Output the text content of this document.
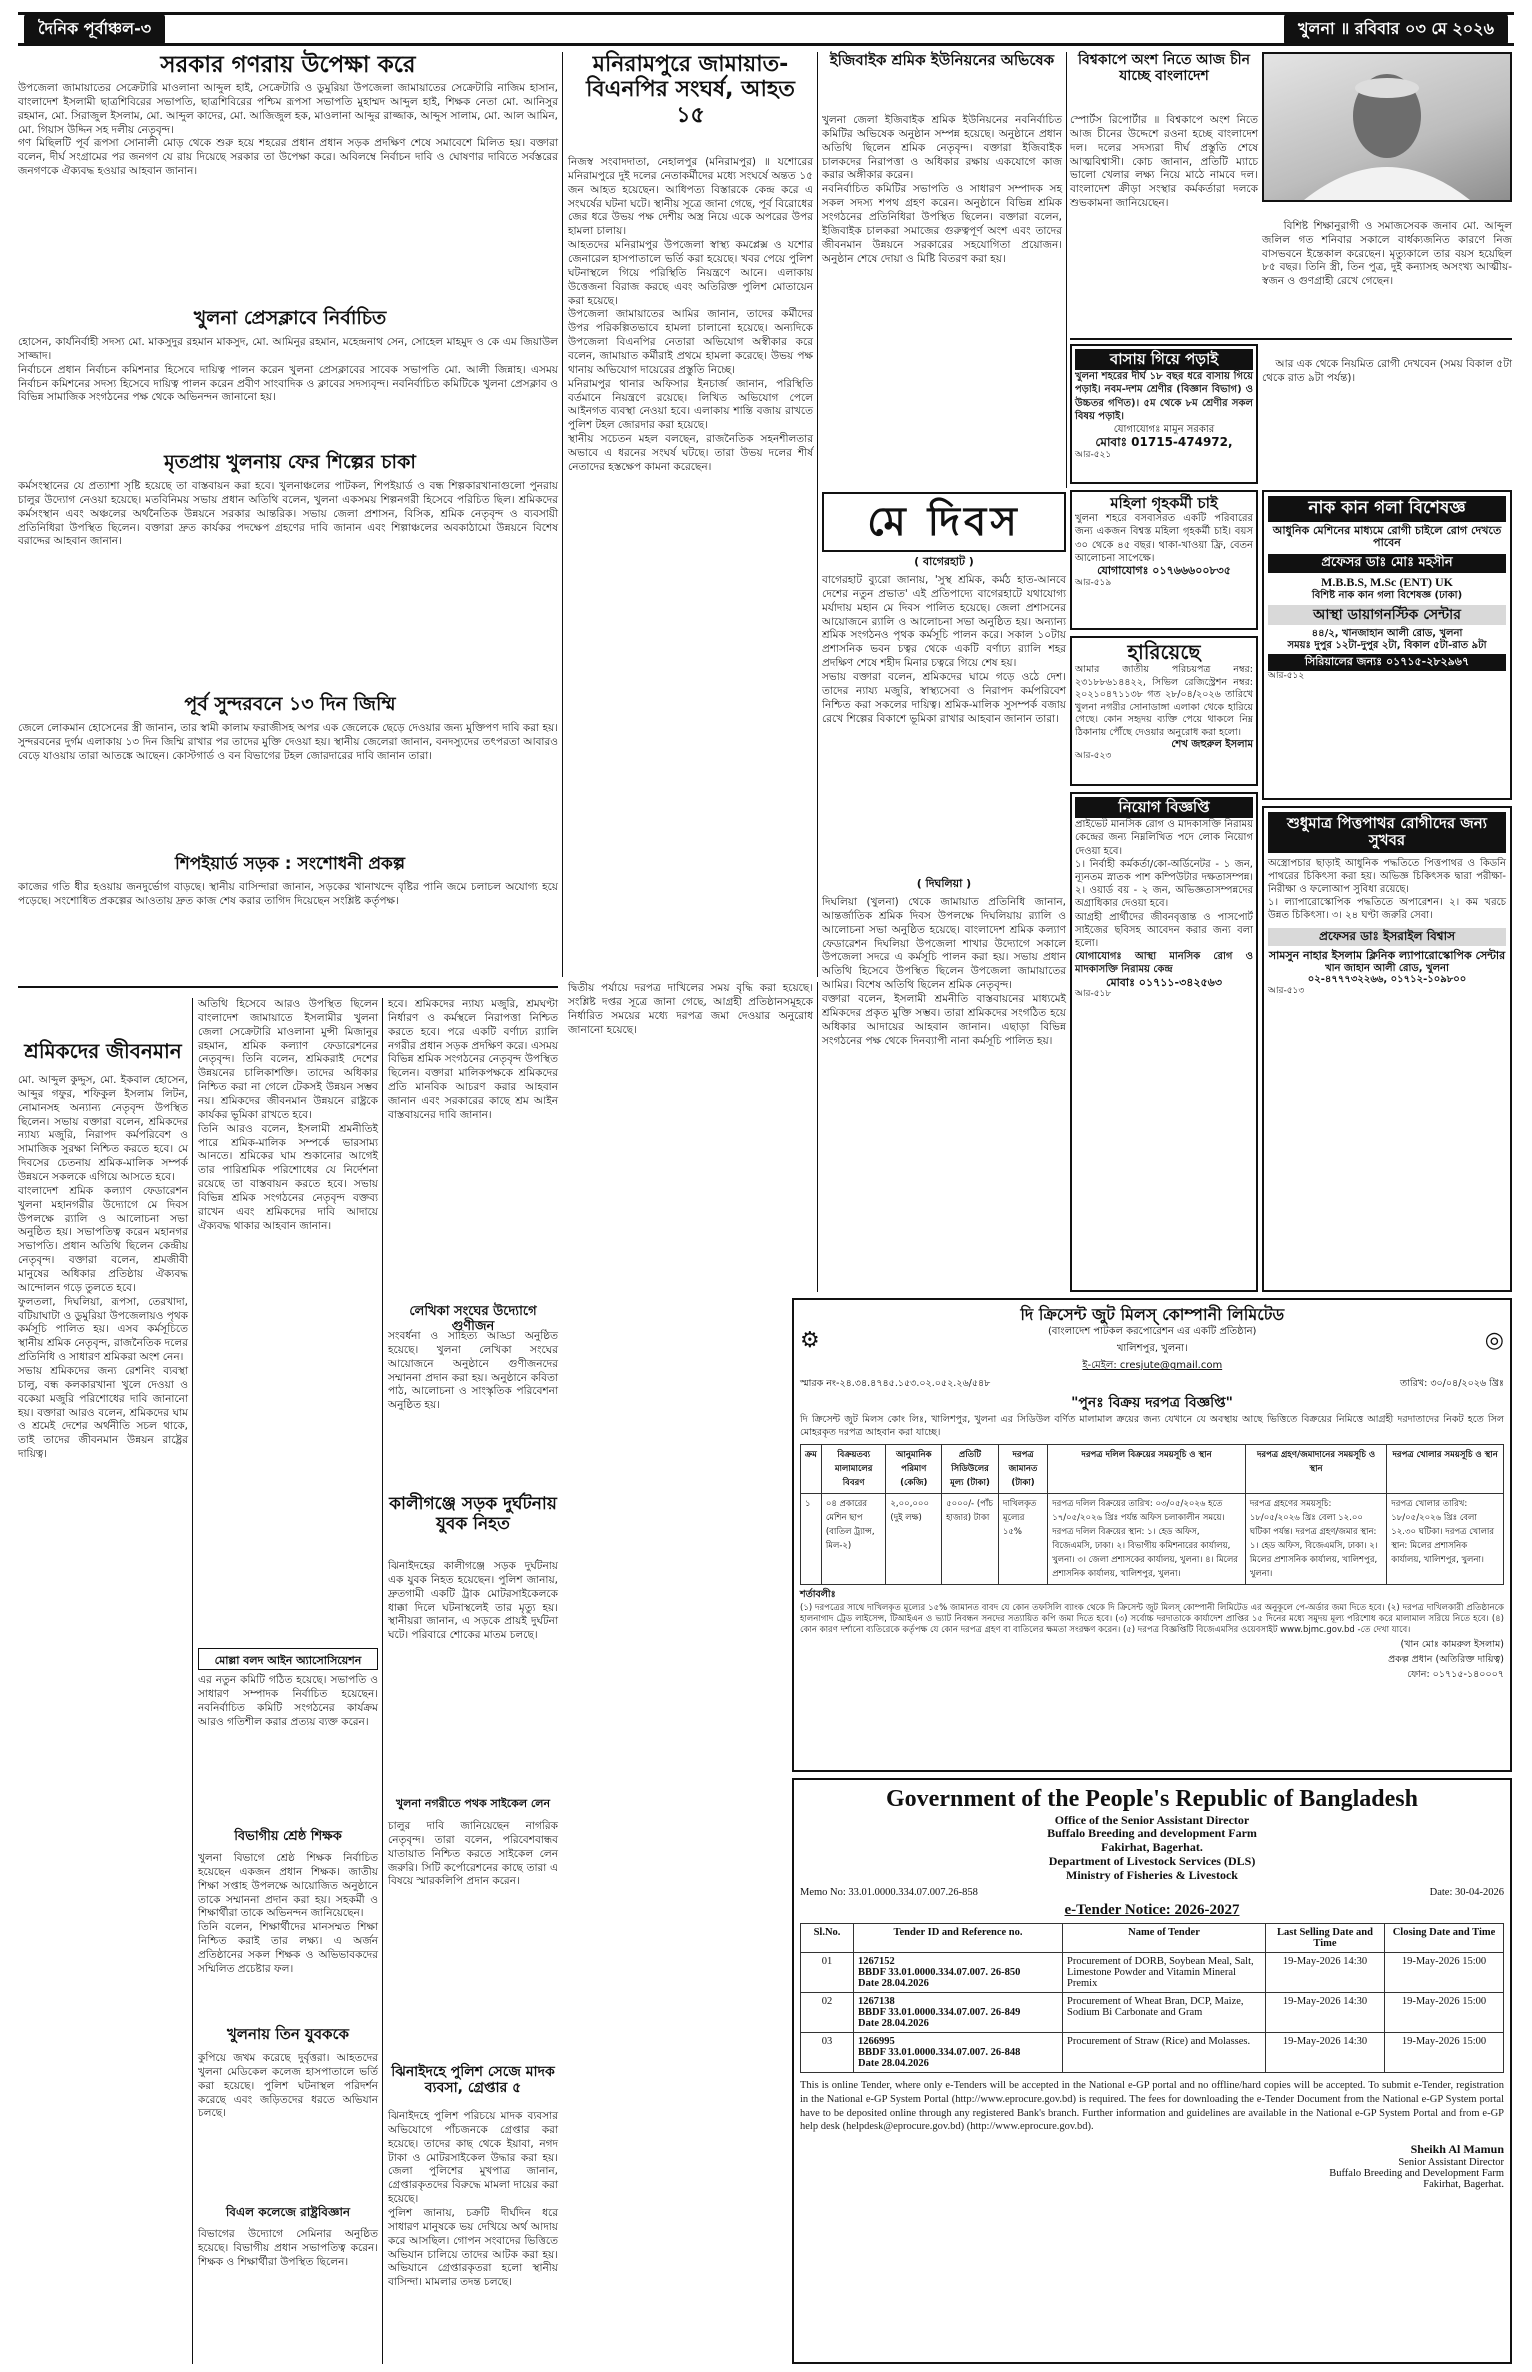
দৈনিক পূর্বাঞ্চল-৩	খুলনা ॥ রবিবার ০৩ মে ২০২৬
সরকার গণরায় উপেক্ষা করে
উপজেলা জামায়াতের সেক্রেটারি মাওলানা আব্দুল হাই, সেক্রেটারি ও ডুমুরিয়া উপজেলা জামায়াতের সেক্রেটারি নাজিম হাসান, বাংলাদেশ ইসলামী ছাত্রশিবিরের সভাপতি, ছাত্রশিবিরের পশ্চিম রূপসা সভাপতি মুহাম্মদ আব্দুল হাই, শিক্ষক নেতা মো. আনিসুর রহমান, মো. সিরাজুল ইসলাম, মো. আব্দুল কাদের, মো. আজিজুল হক, মাওলানা আব্দুর রাজ্জাক, আব্দুস সালাম, মো. আল আমিন, মো. গিয়াস উদ্দিন সহ দলীয় নেতৃবৃন্দ।
গণ মিছিলটি পূর্ব রূপসা সোনালী মোড় থেকে শুরু হয়ে শহরের প্রধান প্রধান সড়ক প্রদক্ষিণ শেষে সমাবেশে মিলিত হয়। বক্তারা বলেন, দীর্ঘ সংগ্রামের পর জনগণ যে রায় দিয়েছে সরকার তা উপেক্ষা করে। অবিলম্বে নির্বাচন দাবি ও ঘোষণার দাবিতে সর্বস্তরের জনগণকে ঐক্যবদ্ধ হওয়ার আহবান জানান।
খুলনা প্রেসক্লাবে নির্বাচিত
হোসেন, কার্যনির্বাহী সদস্য মো. মাকসুদুর রহমান মাকসুদ, মো. আমিনুর রহমান, মহেন্দ্রনাথ সেন, সোহেল মাহমুদ ও কে এম জিয়াউল সাজ্জাদ।
নির্বাচনে প্রধান নির্বাচন কমিশনার হিসেবে দায়িত্ব পালন করেন খুলনা প্রেসক্লাবের সাবেক সভাপতি মো. আলী জিন্নাহ। এসময় নির্বাচন কমিশনের সদস্য হিসেবে দায়িত্ব পালন করেন প্রবীণ সাংবাদিক ও ক্লাবের সদস্যবৃন্দ। নবনির্বাচিত কমিটিকে খুলনা প্রেসক্লাব ও বিভিন্ন সামাজিক সংগঠনের পক্ষ থেকে অভিনন্দন জানানো হয়।
মৃতপ্রায় খুলনায় ফের শিল্পের চাকা
কর্মসংস্থানের যে প্রত্যাশা সৃষ্টি হয়েছে তা বাস্তবায়ন করা হবে। খুলনাঞ্চলের পাটকল, শিপইয়ার্ড ও বন্ধ শিল্পকারখানাগুলো পুনরায় চালুর উদ্যোগ নেওয়া হয়েছে। মতবিনিময় সভায় প্রধান অতিথি বলেন, খুলনা একসময় শিল্পনগরী হিসেবে পরিচিত ছিল। শ্রমিকদের কর্মসংস্থান এবং অঞ্চলের অর্থনৈতিক উন্নয়নে সরকার আন্তরিক। সভায় জেলা প্রশাসন, বিসিক, শ্রমিক নেতৃবৃন্দ ও ব্যবসায়ী প্রতিনিধিরা উপস্থিত ছিলেন। বক্তারা দ্রুত কার্যকর পদক্ষেপ গ্রহণের দাবি জানান এবং শিল্পাঞ্চলের অবকাঠামো উন্নয়নে বিশেষ বরাদ্দের আহবান জানান।
পূর্ব সুন্দরবনে ১৩ দিন জিম্মি
জেলে লোকমান হোসেনের স্ত্রী জানান, তার স্বামী কালাম ফরাজীসহ অপর এক জেলেকে ছেড়ে দেওয়ার জন্য মুক্তিপণ দাবি করা হয়। সুন্দরবনের দুর্গম এলাকায় ১৩ দিন জিম্মি রাখার পর তাদের মুক্তি দেওয়া হয়। স্থানীয় জেলেরা জানান, বনদস্যুদের তৎপরতা আবারও বেড়ে যাওয়ায় তারা আতঙ্কে আছেন। কোস্টগার্ড ও বন বিভাগের টহল জোরদারের দাবি জানান তারা।
শিপইয়ার্ড সড়ক : সংশোধনী প্রকল্প
কাজের গতি ধীর হওয়ায় জনদুর্ভোগ বাড়ছে। স্থানীয় বাসিন্দারা জানান, সড়কের খানাখন্দে বৃষ্টির পানি জমে চলাচল অযোগ্য হয়ে পড়েছে। সংশোধিত প্রকল্পের আওতায় দ্রুত কাজ শেষ করার তাগিদ দিয়েছেন সংশ্লিষ্ট কর্তৃপক্ষ।
শ্রমিকদের জীবনমান
মো. আব্দুল কুদ্দুস, মো. ইকবাল হোসেন, আব্দুর গফুর, শফিকুল ইসলাম লিটন, নোমানসহ অন্যান্য নেতৃবৃন্দ উপস্থিত ছিলেন। সভায় বক্তারা বলেন, শ্রমিকদের ন্যায্য মজুরি, নিরাপদ কর্মপরিবেশ ও সামাজিক সুরক্ষা নিশ্চিত করতে হবে। মে দিবসের চেতনায় শ্রমিক-মালিক সম্পর্ক উন্নয়নে সকলকে এগিয়ে আসতে হবে।
বাংলাদেশ শ্রমিক কল্যাণ ফেডারেশন খুলনা মহানগরীর উদ্যোগে মে দিবস উপলক্ষে র‍্যালি ও আলোচনা সভা অনুষ্ঠিত হয়। সভাপতিত্ব করেন মহানগর সভাপতি। প্রধান অতিথি ছিলেন কেন্দ্রীয় নেতৃবৃন্দ। বক্তারা বলেন, শ্রমজীবী মানুষের অধিকার প্রতিষ্ঠায় ঐক্যবদ্ধ আন্দোলন গড়ে তুলতে হবে।
ফুলতলা, দিঘলিয়া, রূপসা, তেরখাদা, বটিয়াঘাটা ও ডুমুরিয়া উপজেলায়ও পৃথক কর্মসূচি পালিত হয়। এসব কর্মসূচিতে স্থানীয় শ্রমিক নেতৃবৃন্দ, রাজনৈতিক দলের প্রতিনিধি ও সাধারণ শ্রমিকরা অংশ নেন।
সভায় শ্রমিকদের জন্য রেশনিং ব্যবস্থা চালু, বন্ধ কলকারখানা খুলে দেওয়া ও বকেয়া মজুরি পরিশোধের দাবি জানানো হয়। বক্তারা আরও বলেন, শ্রমিকদের ঘাম ও শ্রমেই দেশের অর্থনীতি সচল থাকে, তাই তাদের জীবনমান উন্নয়ন রাষ্ট্রের দায়িত্ব।
অতিথি হিসেবে আরও উপস্থিত ছিলেন বাংলাদেশ জামায়াতে ইসলামীর খুলনা জেলা সেক্রেটারি মাওলানা মুন্সী মিজানুর রহমান, শ্রমিক কল্যাণ ফেডারেশনের নেতৃবৃন্দ। তিনি বলেন, শ্রমিকরাই দেশের উন্নয়নের চালিকাশক্তি। তাদের অধিকার নিশ্চিত করা না গেলে টেকসই উন্নয়ন সম্ভব নয়। শ্রমিকদের জীবনমান উন্নয়নে রাষ্ট্রকে কার্যকর ভূমিকা রাখতে হবে।
তিনি আরও বলেন, ইসলামী শ্রমনীতিই পারে শ্রমিক-মালিক সম্পর্কে ভারসাম্য আনতে। শ্রমিকের ঘাম শুকানোর আগেই তার পারিশ্রমিক পরিশোধের যে নির্দেশনা রয়েছে তা বাস্তবায়ন করতে হবে। সভায় বিভিন্ন শ্রমিক সংগঠনের নেতৃবৃন্দ বক্তব্য রাখেন এবং শ্রমিকদের দাবি আদায়ে ঐক্যবদ্ধ থাকার আহবান জানান।
হবে। শ্রমিকদের ন্যায্য মজুরি, শ্রমঘণ্টা নির্ধারণ ও কর্মস্থলে নিরাপত্তা নিশ্চিত করতে হবে। পরে একটি বর্ণাঢ্য র‍্যালি নগরীর প্রধান সড়ক প্রদক্ষিণ করে। এসময় বিভিন্ন শ্রমিক সংগঠনের নেতৃবৃন্দ উপস্থিত ছিলেন। বক্তারা মালিকপক্ষকে শ্রমিকদের প্রতি মানবিক আচরণ করার আহবান জানান এবং সরকারের কাছে শ্রম আইন বাস্তবায়নের দাবি জানান।
লেখিকা সংঘের উদ্যোগে গুণীজন
সংবর্ধনা ও সাহিত্য আড্ডা অনুষ্ঠিত হয়েছে। খুলনা লেখিকা সংঘের আয়োজনে অনুষ্ঠানে গুণীজনদের সম্মাননা প্রদান করা হয়। অনুষ্ঠানে কবিতা পাঠ, আলোচনা ও সাংস্কৃতিক পরিবেশনা অনুষ্ঠিত হয়।
কালীগঞ্জে সড়ক দুর্ঘটনায় যুবক নিহত
ঝিনাইদহের কালীগঞ্জে সড়ক দুর্ঘটনায় এক যুবক নিহত হয়েছেন। পুলিশ জানায়, দ্রুতগামী একটি ট্রাক মোটরসাইকেলকে ধাক্কা দিলে ঘটনাস্থলেই তার মৃত্যু হয়। স্থানীয়রা জানান, এ সড়কে প্রায়ই দুর্ঘটনা ঘটে। পরিবারে শোকের মাতম চলছে।
খুলনা নগরীতে পথক সাইকেল লেন
চালুর দাবি জানিয়েছেন নাগরিক নেতৃবৃন্দ। তারা বলেন, পরিবেশবান্ধব যাতায়াত নিশ্চিত করতে সাইকেল লেন জরুরি। সিটি কর্পোরেশনের কাছে তারা এ বিষয়ে স্মারকলিপি প্রদান করেন।
ঝিনাইদহে পুলিশ সেজে মাদক ব্যবসা, গ্রেপ্তার ৫
ঝিনাইদহে পুলিশ পরিচয়ে মাদক ব্যবসার অভিযোগে পাঁচজনকে গ্রেপ্তার করা হয়েছে। তাদের কাছ থেকে ইয়াবা, নগদ টাকা ও মোটরসাইকেল উদ্ধার করা হয়। জেলা পুলিশের মুখপাত্র জানান, গ্রেপ্তারকৃতদের বিরুদ্ধে মামলা দায়ের করা হয়েছে।
পুলিশ জানায়, চক্রটি দীর্ঘদিন ধরে সাধারণ মানুষকে ভয় দেখিয়ে অর্থ আদায় করে আসছিল। গোপন সংবাদের ভিত্তিতে অভিযান চালিয়ে তাদের আটক করা হয়। অভিযানে গ্রেপ্তারকৃতরা হলো স্থানীয় বাসিন্দা। মামলার তদন্ত চলছে।
মোল্লা বলদ আইন অ্যাসোসিয়েশন
এর নতুন কমিটি গঠিত হয়েছে। সভাপতি ও সাধারণ সম্পাদক নির্বাচিত হয়েছেন। নবনির্বাচিত কমিটি সংগঠনের কার্যক্রম আরও গতিশীল করার প্রত্যয় ব্যক্ত করেন।
বিভাগীয় শ্রেষ্ঠ শিক্ষক
খুলনা বিভাগে শ্রেষ্ঠ শিক্ষক নির্বাচিত হয়েছেন একজন প্রধান শিক্ষক। জাতীয় শিক্ষা সপ্তাহ উপলক্ষে আয়োজিত অনুষ্ঠানে তাকে সম্মাননা প্রদান করা হয়। সহকর্মী ও শিক্ষার্থীরা তাকে অভিনন্দন জানিয়েছেন।
তিনি বলেন, শিক্ষার্থীদের মানসম্মত শিক্ষা নিশ্চিত করাই তার লক্ষ্য। এ অর্জন প্রতিষ্ঠানের সকল শিক্ষক ও অভিভাবকদের সম্মিলিত প্রচেষ্টার ফল।
খুলনায় তিন যুবককে
কুপিয়ে জখম করেছে দুর্বৃত্তরা। আহতদের খুলনা মেডিকেল কলেজ হাসপাতালে ভর্তি করা হয়েছে। পুলিশ ঘটনাস্থল পরিদর্শন করেছে এবং জড়িতদের ধরতে অভিযান চলছে।
বিএল কলেজে রাষ্ট্রবিজ্ঞান
বিভাগের উদ্যোগে সেমিনার অনুষ্ঠিত হয়েছে। বিভাগীয় প্রধান সভাপতিত্ব করেন। শিক্ষক ও শিক্ষার্থীরা উপস্থিত ছিলেন।
মনিরামপুরে জামায়াত-বিএনপির সংঘর্ষ, আহত ১৫
নিজস্ব সংবাদদাতা, নেহালপুর (মনিরামপুর) ॥ যশোরের মনিরামপুরে দুই দলের নেতাকর্মীদের মধ্যে সংঘর্ষে অন্তত ১৫ জন আহত হয়েছেন। আধিপত্য বিস্তারকে কেন্দ্র করে এ সংঘর্ষের ঘটনা ঘটে। স্থানীয় সূত্রে জানা গেছে, পূর্ব বিরোধের জের ধরে উভয় পক্ষ দেশীয় অস্ত্র নিয়ে একে অপরের উপর হামলা চালায়।
আহতদের মনিরামপুর উপজেলা স্বাস্থ্য কমপ্লেক্স ও যশোর জেনারেল হাসপাতালে ভর্তি করা হয়েছে। খবর পেয়ে পুলিশ ঘটনাস্থলে গিয়ে পরিস্থিতি নিয়ন্ত্রণে আনে। এলাকায় উত্তেজনা বিরাজ করছে এবং অতিরিক্ত পুলিশ মোতায়েন করা হয়েছে।
উপজেলা জামায়াতের আমির জানান, তাদের কর্মীদের উপর পরিকল্পিতভাবে হামলা চালানো হয়েছে। অন্যদিকে উপজেলা বিএনপির নেতারা অভিযোগ অস্বীকার করে বলেন, জামায়াত কর্মীরাই প্রথমে হামলা করেছে। উভয় পক্ষ থানায় অভিযোগ দায়েরের প্রস্তুতি নিচ্ছে।
মনিরামপুর থানার অফিসার ইনচার্জ জানান, পরিস্থিতি বর্তমানে নিয়ন্ত্রণে রয়েছে। লিখিত অভিযোগ পেলে আইনগত ব্যবস্থা নেওয়া হবে। এলাকায় শান্তি বজায় রাখতে পুলিশ টহল জোরদার করা হয়েছে।
স্থানীয় সচেতন মহল বলছেন, রাজনৈতিক সহনশীলতার অভাবে এ ধরনের সংঘর্ষ ঘটছে। তারা উভয় দলের শীর্ষ নেতাদের হস্তক্ষেপ কামনা করেছেন।
ইজিবাইক শ্রমিক ইউনিয়নের অভিষেক
খুলনা জেলা ইজিবাইক শ্রমিক ইউনিয়নের নবনির্বাচিত কমিটির অভিষেক অনুষ্ঠান সম্পন্ন হয়েছে। অনুষ্ঠানে প্রধান অতিথি ছিলেন শ্রমিক নেতৃবৃন্দ। বক্তারা ইজিবাইক চালকদের নিরাপত্তা ও অধিকার রক্ষায় একযোগে কাজ করার অঙ্গীকার করেন।
নবনির্বাচিত কমিটির সভাপতি ও সাধারণ সম্পাদক সহ সকল সদস্য শপথ গ্রহণ করেন। অনুষ্ঠানে বিভিন্ন শ্রমিক সংগঠনের প্রতিনিধিরা উপস্থিত ছিলেন। বক্তারা বলেন, ইজিবাইক চালকরা সমাজের গুরুত্বপূর্ণ অংশ এবং তাদের জীবনমান উন্নয়নে সরকারের সহযোগিতা প্রয়োজন। অনুষ্ঠান শেষে দোয়া ও মিষ্টি বিতরণ করা হয়।
বিশ্বকাপে অংশ নিতে আজ চীন যাচ্ছে বাংলাদেশ
স্পোর্টস রিপোর্টার ॥ বিশ্বকাপে অংশ নিতে আজ চীনের উদ্দেশে রওনা হচ্ছে বাংলাদেশ দল। দলের সদস্যরা দীর্ঘ প্রস্তুতি শেষে আত্মবিশ্বাসী। কোচ জানান, প্রতিটি ম্যাচে ভালো খেলার লক্ষ্য নিয়ে মাঠে নামবে দল। বাংলাদেশ ক্রীড়া সংস্থার কর্মকর্তারা দলকে শুভকামনা জানিয়েছেন।

বিশিষ্ট শিক্ষানুরাগী ও সমাজসেবক জনাব মো. আব্দুল জলিল গত শনিবার সকালে বার্ধক্যজনিত কারণে নিজ বাসভবনে ইন্তেকাল করেছেন। মৃত্যুকালে তার বয়স হয়েছিল ৮৫ বছর। তিনি স্ত্রী, তিন পুত্র, দুই কন্যাসহ অসংখ্য আত্মীয়-স্বজন ও গুণগ্রাহী রেখে গেছেন।

বাসায় গিয়ে পড়াই
খুলনা শহরের দীর্ঘ ১৮ বছর ধরে বাসায় গিয়ে পড়াই। নবম-দশম শ্রেণীর (বিজ্ঞান বিভাগ) ও উচ্চতর গণিত)। ৫ম থেকে ৮ম শ্রেণীর সকল বিষয় পড়াই।
যোগাযোগঃ মামুন সরকার
মোবাঃ 01715-474972,
আর-৫২১

আর এক থেকে নিয়মিত রোগী দেখবেন (সময় বিকাল ৫টা থেকে রাত ৯টা পর্যন্ত)।

মহিলা গৃহকর্মী চাই
খুলনা শহরে বসবাসরত একটি পরিবারের জন্য একজন বিশ্বস্ত মহিলা গৃহকর্মী চাই। বয়স ৩০ থেকে ৪৫ বছর। থাকা-খাওয়া ফ্রি, বেতন আলোচনা সাপেক্ষে।
যোগাযোগঃ ০১৭৬৬৬০০৮৩৫
আর-৫১৯
হারিয়েছে
আমার জাতীয় পরিচয়পত্র নম্বর: ২৩১৮৮৬১৪৪২২, সিভিল রেজিস্ট্রেশন নম্বর: ২০২১০৪৭১১৩৮ গত ২৮/০৪/২০২৬ তারিখে খুলনা নগরীর সোনাডাঙ্গা এলাকা থেকে হারিয়ে গেছে। কোন সহৃদয় ব্যক্তি পেয়ে থাকলে নিম্ন ঠিকানায় পৌঁছে দেওয়ার অনুরোধ করা হলো।
শেখ জহুরুল ইসলাম
আর-৫২৩
নিয়োগ বিজ্ঞপ্তি
প্রাইভেট মানসিক রোগ ও মাদকাসক্তি নিরাময় কেন্দ্রের জন্য নিম্নলিখিত পদে লোক নিয়োগ দেওয়া হবে।
১। নির্বাহী কর্মকর্তা/কো-অর্ডিনেটর - ১ জন, ন্যূনতম স্নাতক পাশ কম্পিউটার দক্ষতাসম্পন্ন। ২। ওয়ার্ড বয় - ২ জন, অভিজ্ঞতাসম্পন্নদের অগ্রাধিকার দেওয়া হবে।
আগ্রহী প্রার্থীদের জীবনবৃত্তান্ত ও পাসপোর্ট সাইজের ছবিসহ আবেদন করার জন্য বলা হলো।
যোগাযোগঃ আস্থা মানসিক রোগ ও মাদকাসক্তি নিরাময় কেন্দ্র
মোবাঃ ০১৭১১-৩৪২৫৬৩
আর-৫১৮
নাক কান গলা বিশেষজ্ঞ
আধুনিক মেশিনের মাধ্যমে রোগী চাইলে রোগ দেখতে পাবেন
প্রফেসর ডাঃ মোঃ মহসীন
M.B.B.S, M.Sc (ENT) UK
বিশিষ্ট নাক কান গলা বিশেষজ্ঞ (ঢাকা)
আস্থা ডায়াগনস্টিক সেন্টার
৪৪/২, খানজাহান আলী রোড, খুলনা
সময়ঃ দুপুর ১২টা-দুপুর ২টা, বিকাল ৫টা-রাত ৯টা
সিরিয়ালের জন্যঃ ০১৭১৫-২৮২৯৬৭
আর-৫১২
শুধুমাত্র পিত্তপাথর রোগীদের জন্য সুখবর
অস্ত্রোপচার ছাড়াই আধুনিক পদ্ধতিতে পিত্তপাথর ও কিডনি পাথরের চিকিৎসা করা হয়। অভিজ্ঞ চিকিৎসক দ্বারা পরীক্ষা-নিরীক্ষা ও ফলোআপ সুবিধা রয়েছে।
১। ল্যাপারোস্কোপিক পদ্ধতিতে অপারেশন। ২। কম খরচে উন্নত চিকিৎসা। ৩। ২৪ ঘণ্টা জরুরি সেবা।
প্রফেসর ডাঃ ইসরাইল বিশ্বাস
সামসুন নাহার ইসলাম ক্লিনিক ল্যাপারোস্কোপিক সেন্টার
খান জাহান আলী রোড, খুলনা
০২-৪৭৭৭৩২২৬৬, ০১৭১২-১০৯৮০০
আর-৫১৩
মে দিবস
( বাগেরহাট )
বাগেরহাট ব্যুরো জানায়, 'সুস্থ শ্রমিক, কর্মঠ হাত-আনবে দেশের নতুন প্রভাত' এই প্রতিপাদ্যে বাগেরহাটে যথাযোগ্য মর্যাদায় মহান মে দিবস পালিত হয়েছে। জেলা প্রশাসনের আয়োজনে র‍্যালি ও আলোচনা সভা অনুষ্ঠিত হয়। অন্যান্য শ্রমিক সংগঠনও পৃথক কর্মসূচি পালন করে। সকাল ১০টায় প্রশাসনিক ভবন চত্বর থেকে একটি বর্ণাঢ্য র‍্যালি শহর প্রদক্ষিণ শেষে শহীদ মিনার চত্বরে গিয়ে শেষ হয়।
সভায় বক্তারা বলেন, শ্রমিকদের ঘামে গড়ে ওঠে দেশ। তাদের ন্যায্য মজুরি, স্বাস্থ্যসেবা ও নিরাপদ কর্মপরিবেশ নিশ্চিত করা সকলের দায়িত্ব। শ্রমিক-মালিক সুসম্পর্ক বজায় রেখে শিল্পের বিকাশে ভূমিকা রাখার আহবান জানান তারা।
( দিঘলিয়া )
দিঘলিয়া (খুলনা) থেকে জামায়াত প্রতিনিধি জানান, আন্তর্জাতিক শ্রমিক দিবস উপলক্ষে দিঘলিয়ায় র‍্যালি ও আলোচনা সভা অনুষ্ঠিত হয়েছে। বাংলাদেশ শ্রমিক কল্যাণ ফেডারেশন দিঘলিয়া উপজেলা শাখার উদ্যোগে সকালে উপজেলা সদরে এ কর্মসূচি পালন করা হয়। সভায় প্রধান অতিথি হিসেবে উপস্থিত ছিলেন উপজেলা জামায়াতের আমির। বিশেষ অতিথি ছিলেন শ্রমিক নেতৃবৃন্দ।
বক্তারা বলেন, ইসলামী শ্রমনীতি বাস্তবায়নের মাধ্যমেই শ্রমিকদের প্রকৃত মুক্তি সম্ভব। তারা শ্রমিকদের সংগঠিত হয়ে অধিকার আদায়ের আহবান জানান। এছাড়া বিভিন্ন সংগঠনের পক্ষ থেকে দিনব্যাপী নানা কর্মসূচি পালিত হয়।
দ্বিতীয় পর্যায়ে দরপত্র দাখিলের সময় বৃদ্ধি করা হয়েছে। সংশ্লিষ্ট দপ্তর সূত্রে জানা গেছে, আগ্রহী প্রতিষ্ঠানসমূহকে নির্ধারিত সময়ের মধ্যে দরপত্র জমা দেওয়ার অনুরোধ জানানো হয়েছে।
⚙
দি ক্রিসেন্ট জুট মিলস্ কোম্পানী লিমিটেড
(বাংলাদেশ পাটকল করপোরেশন এর একটি প্রতিষ্ঠান)
খালিশপুর, খুলনা।
ই-মেইল: cresjute@gmail.com
◎
স্মারক নং-২৪.৩৪.৪৭৪৫.১৫৩.০২.০৫২.২৬/৫৪৮	তারিখ: ৩০/০৪/২০২৬ খ্রিঃ
"পুনঃ বিক্রয় দরপত্র বিজ্ঞপ্তি"
দি ক্রিসেন্ট জুট মিলস কোং লিঃ, খালিশপুর, খুলনা এর সিডিউল বর্ণিত মালামাল ক্রয়ের জন্য যেখানে যে অবস্থায় আছে ভিত্তিতে বিক্রয়ের নিমিত্তে আগ্রহী দরদাতাদের নিকট হতে সিল মোহরকৃত দরপত্র আহবান করা যাচ্ছে।
ক্রম	বিক্রয়তব্য মালামালের বিবরণ	আনুমানিক পরিমাণ (কেজি)	প্রতিটি সিডিউলের মূল্য (টাকা)	দরপত্র জামানত (টাকা)	দরপত্র দলিল বিক্রয়ের সময়সূচি ও স্থান	দরপত্র গ্রহণ/জমাদানের সময়সূচি ও স্থান	দরপত্র খোলার সময়সূচি ও স্থান
১	০৪ প্রকারের মেশিন ছাপ (বাতিল ট্র্যান্স, মিল-২)	২,০০,০০০ (দুই লক্ষ)	৫০০০/- (পাঁচ হাজার) টাকা	দাখিলকৃত মূল্যের ১৫%	দরপত্র দলিল বিক্রয়ের তারিখ: ০৩/০৫/২০২৬ হতে ১৭/০৫/২০২৬ খ্রিঃ পর্যন্ত অফিস চলাকালীন সময়ে। দরপত্র দলিল বিক্রয়ের স্থান: ১। হেড অফিস, বিজেএমসি, ঢাকা। ২। বিভাগীয় কমিশনারের কার্যালয়, খুলনা। ৩। জেলা প্রশাসকের কার্যালয়, খুলনা। ৪। মিলের প্রশাসনিক কার্যালয়, খালিশপুর, খুলনা।	দরপত্র গ্রহণের সময়সূচি: ১৮/০৫/২০২৬ খ্রিঃ বেলা ১২.০০ ঘটিকা পর্যন্ত। দরপত্র গ্রহণ/জমার স্থান: ১। হেড অফিস, বিজেএমসি, ঢাকা। ২। মিলের প্রশাসনিক কার্যালয়, খালিশপুর, খুলনা।	দরপত্র খোলার তারিখ: ১৮/০৫/২০২৬ খ্রিঃ বেলা ১২.৩০ ঘটিকা। দরপত্র খোলার স্থান: মিলের প্রশাসনিক কার্যালয়, খালিশপুর, খুলনা।
শর্তাবলীঃ
(১) দরপত্রের সাথে দাখিলকৃত মূল্যের ১৫% জামানত বাবদ যে কোন তফসিলি ব্যাংক থেকে দি ক্রিসেন্ট জুট মিলস্ কোম্পানী লিমিটেড এর অনুকূলে পে-অর্ডার জমা দিতে হবে। (২) দরপত্র দাখিলকারী প্রতিষ্ঠানকে হালনাগাদ ট্রেড লাইসেন্স, টিআইএন ও ভ্যাট নিবন্ধন সনদের সত্যায়িত কপি জমা দিতে হবে। (৩) সর্বোচ্চ দরদাতাকে কার্যাদেশ প্রাপ্তির ১৫ দিনের মধ্যে সমুদয় মূল্য পরিশোধ করে মালামাল সরিয়ে নিতে হবে। (৪) কোন কারণ দর্শানো ব্যতিরেকে কর্তৃপক্ষ যে কোন দরপত্র গ্রহণ বা বাতিলের ক্ষমতা সংরক্ষণ করেন। (৫) দরপত্র বিজ্ঞপ্তিটি বিজেএমসির ওয়েবসাইট www.bjmc.gov.bd -তে দেখা যাবে।
(খান মোঃ কামরুল ইসলাম)
প্রকল্প প্রধান (অতিরিক্ত দায়িত্ব)
ফোন: ০১৭১৫-১৪০০০৭
Government of the People's Republic of Bangladesh
Office of the Senior Assistant Director
Buffalo Breeding and development Farm
Fakirhat, Bagerhat.
Department of Livestock Services (DLS)
Ministry of Fisheries & Livestock
Memo No: 33.01.0000.334.07.007.26-858	Date: 30-04-2026
e-Tender Notice: 2026-2027
Sl.No.	Tender ID and Reference no.	Name of Tender	Last Selling Date and Time	Closing Date and Time
01	1267152
BBDF 33.01.0000.334.07.007. 26-850
Date 28.04.2026	Procurement of DORB, Soybean Meal, Salt, Limestone Powder and Vitamin Mineral Premix	19-May-2026 14:30	19-May-2026 15:00
02	1267138
BBDF 33.01.0000.334.07.007. 26-849
Date 28.04.2026	Procurement of Wheat Bran, DCP, Maize, Sodium Bi Carbonate and Gram	19-May-2026 14:30	19-May-2026 15:00
03	1266995
BBDF 33.01.0000.334.07.007. 26-848
Date 28.04.2026	Procurement of Straw (Rice) and Molasses.	19-May-2026 14:30	19-May-2026 15:00
This is online Tender, where only e-Tenders will be accepted in the National e-GP portal and no offline/hard copies will be accepted. To submit e-Tender, registration in the National e-GP System Portal (http://www.eprocure.gov.bd) is required. The fees for downloading the e-Tender Document from the National e-GP System portal have to be deposited online through any registered Bank's branch. Further information and guidelines are available in the National e-GP System Portal and from e-GP help desk (helpdesk@eprocure.gov.bd) (http://www.eprocure.gov.bd).
Sheikh Al Mamun
Senior Assistant Director
Buffalo Breeding and Development Farm
Fakirhat, Bagerhat.
